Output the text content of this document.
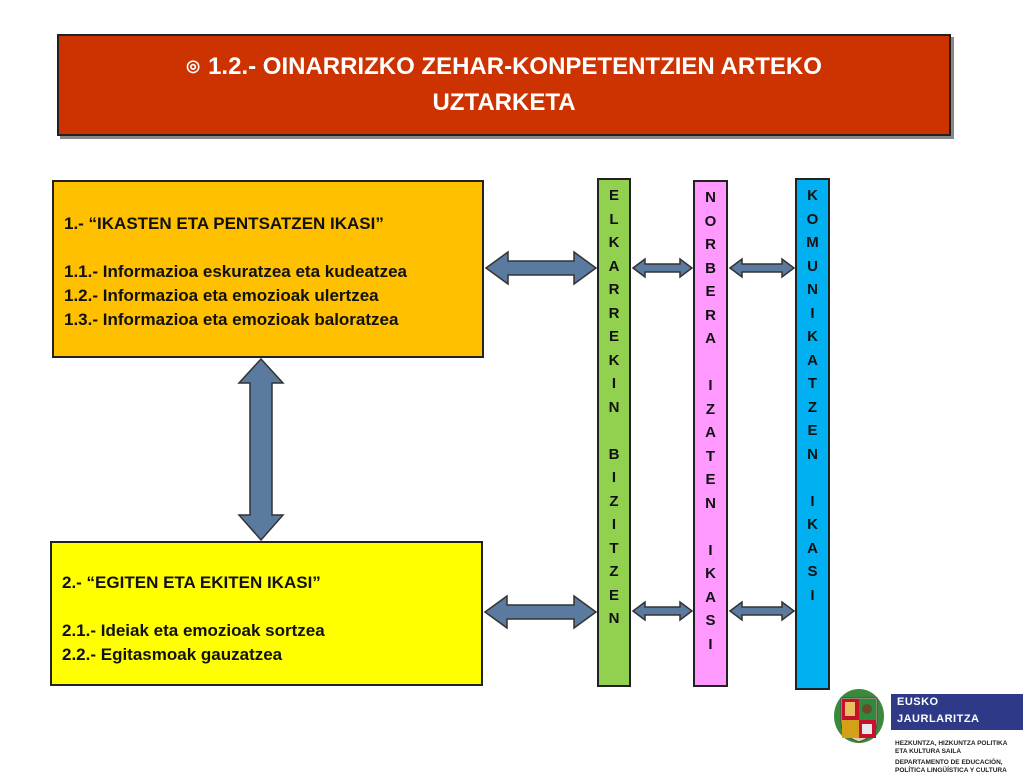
◎ 1.2.- OINARRIZKO ZEHAR-KONPETENTZIEN ARTEKO
UZTARKETA
1.- “IKASTEN ETA PENTSATZEN IKASI”
1.1.- Informazioa eskuratzea eta kudeatzea
1.2.- Informazioa eta emozioak ulertzea
1.3.- Informazioa eta emozioak baloratzea
2.- “EGITEN ETA EKITEN IKASI”
2.1.- Ideiak eta emozioak sortzea
2.2.- Egitasmoak gauzatzea
E
L
K
A
R
R
E
K
I
N

B
I
Z
I
T
Z
E
N
N
O
R
B
E
R
A

I
Z
A
T
E
N

I
K
A
S
I
K
O
M
U
N
I
K
A
T
Z
E
N

I
K
A
S
I
EUSKO JAURLARITZA
GOBIERNO VASCO
HEZKUNTZA, HIZKUNTZA POLITIKA
ETA KULTURA SAILA
DEPARTAMENTO DE EDUCACIÓN,
POLÍTICA LINGÜÍSTICA Y CULTURA
